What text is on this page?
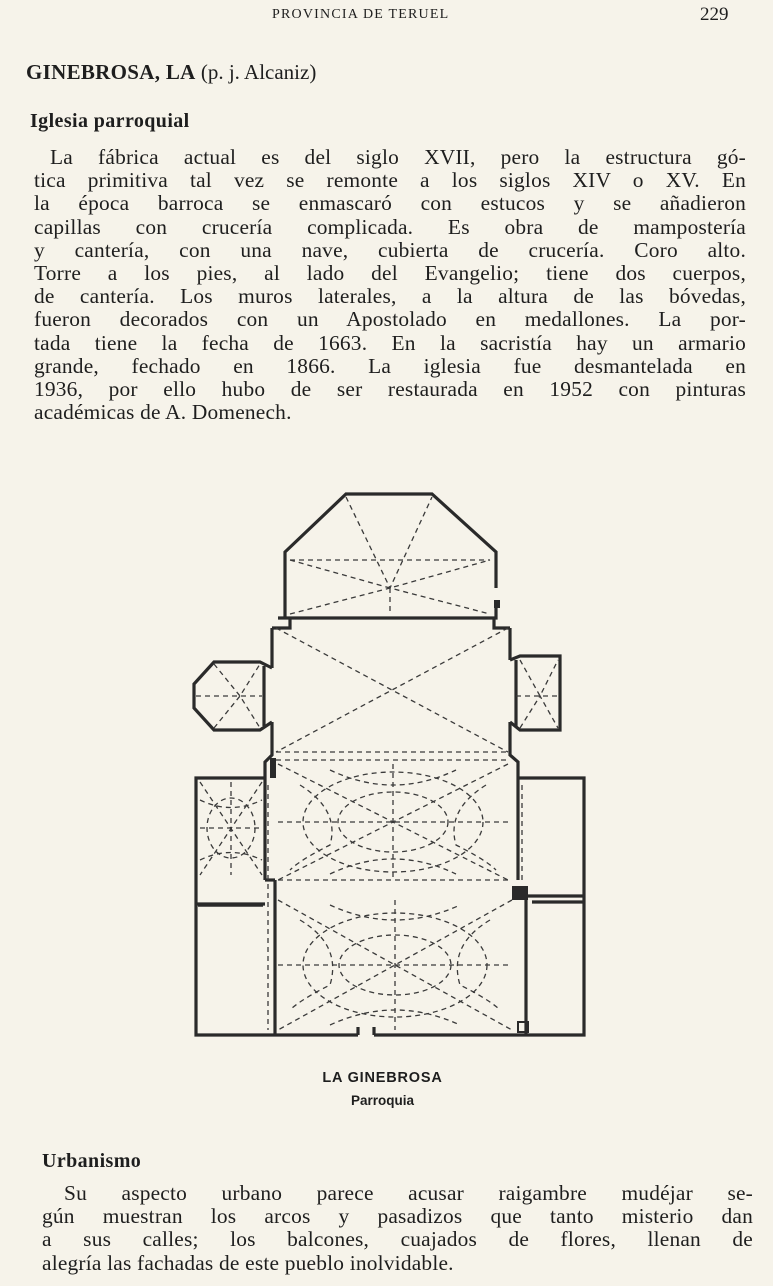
PROVINCIA DE TERUEL	229
GINEBROSA, LA (p. j. Alcaniz)
Iglesia parroquial
La fábrica actual es del siglo XVII, pero la estructura gó-
tica primitiva tal vez se remonte a los siglos XIV o XV. En
la época barroca se enmascaró con estucos y se añadieron
capillas con crucería complicada. Es obra de mampostería
y cantería, con una nave, cubierta de crucería. Coro alto.
Torre a los pies, al lado del Evangelio; tiene dos cuerpos,
de cantería. Los muros laterales, a la altura de las bóvedas,
fueron decorados con un Apostolado en medallones. La por-
tada tiene la fecha de 1663. En la sacristía hay un armario
grande, fechado en 1866. La iglesia fue desmantelada en
1936, por ello hubo de ser restaurada en 1952 con pinturas
académicas de A. Domenech.
LA GINEBROSA
Parroquia
Urbanismo
Su aspecto urbano parece acusar raigambre mudéjar se-
gún muestran los arcos y pasadizos que tanto misterio dan
a sus calles; los balcones, cuajados de flores, llenan de
alegría las fachadas de este pueblo inolvidable.
